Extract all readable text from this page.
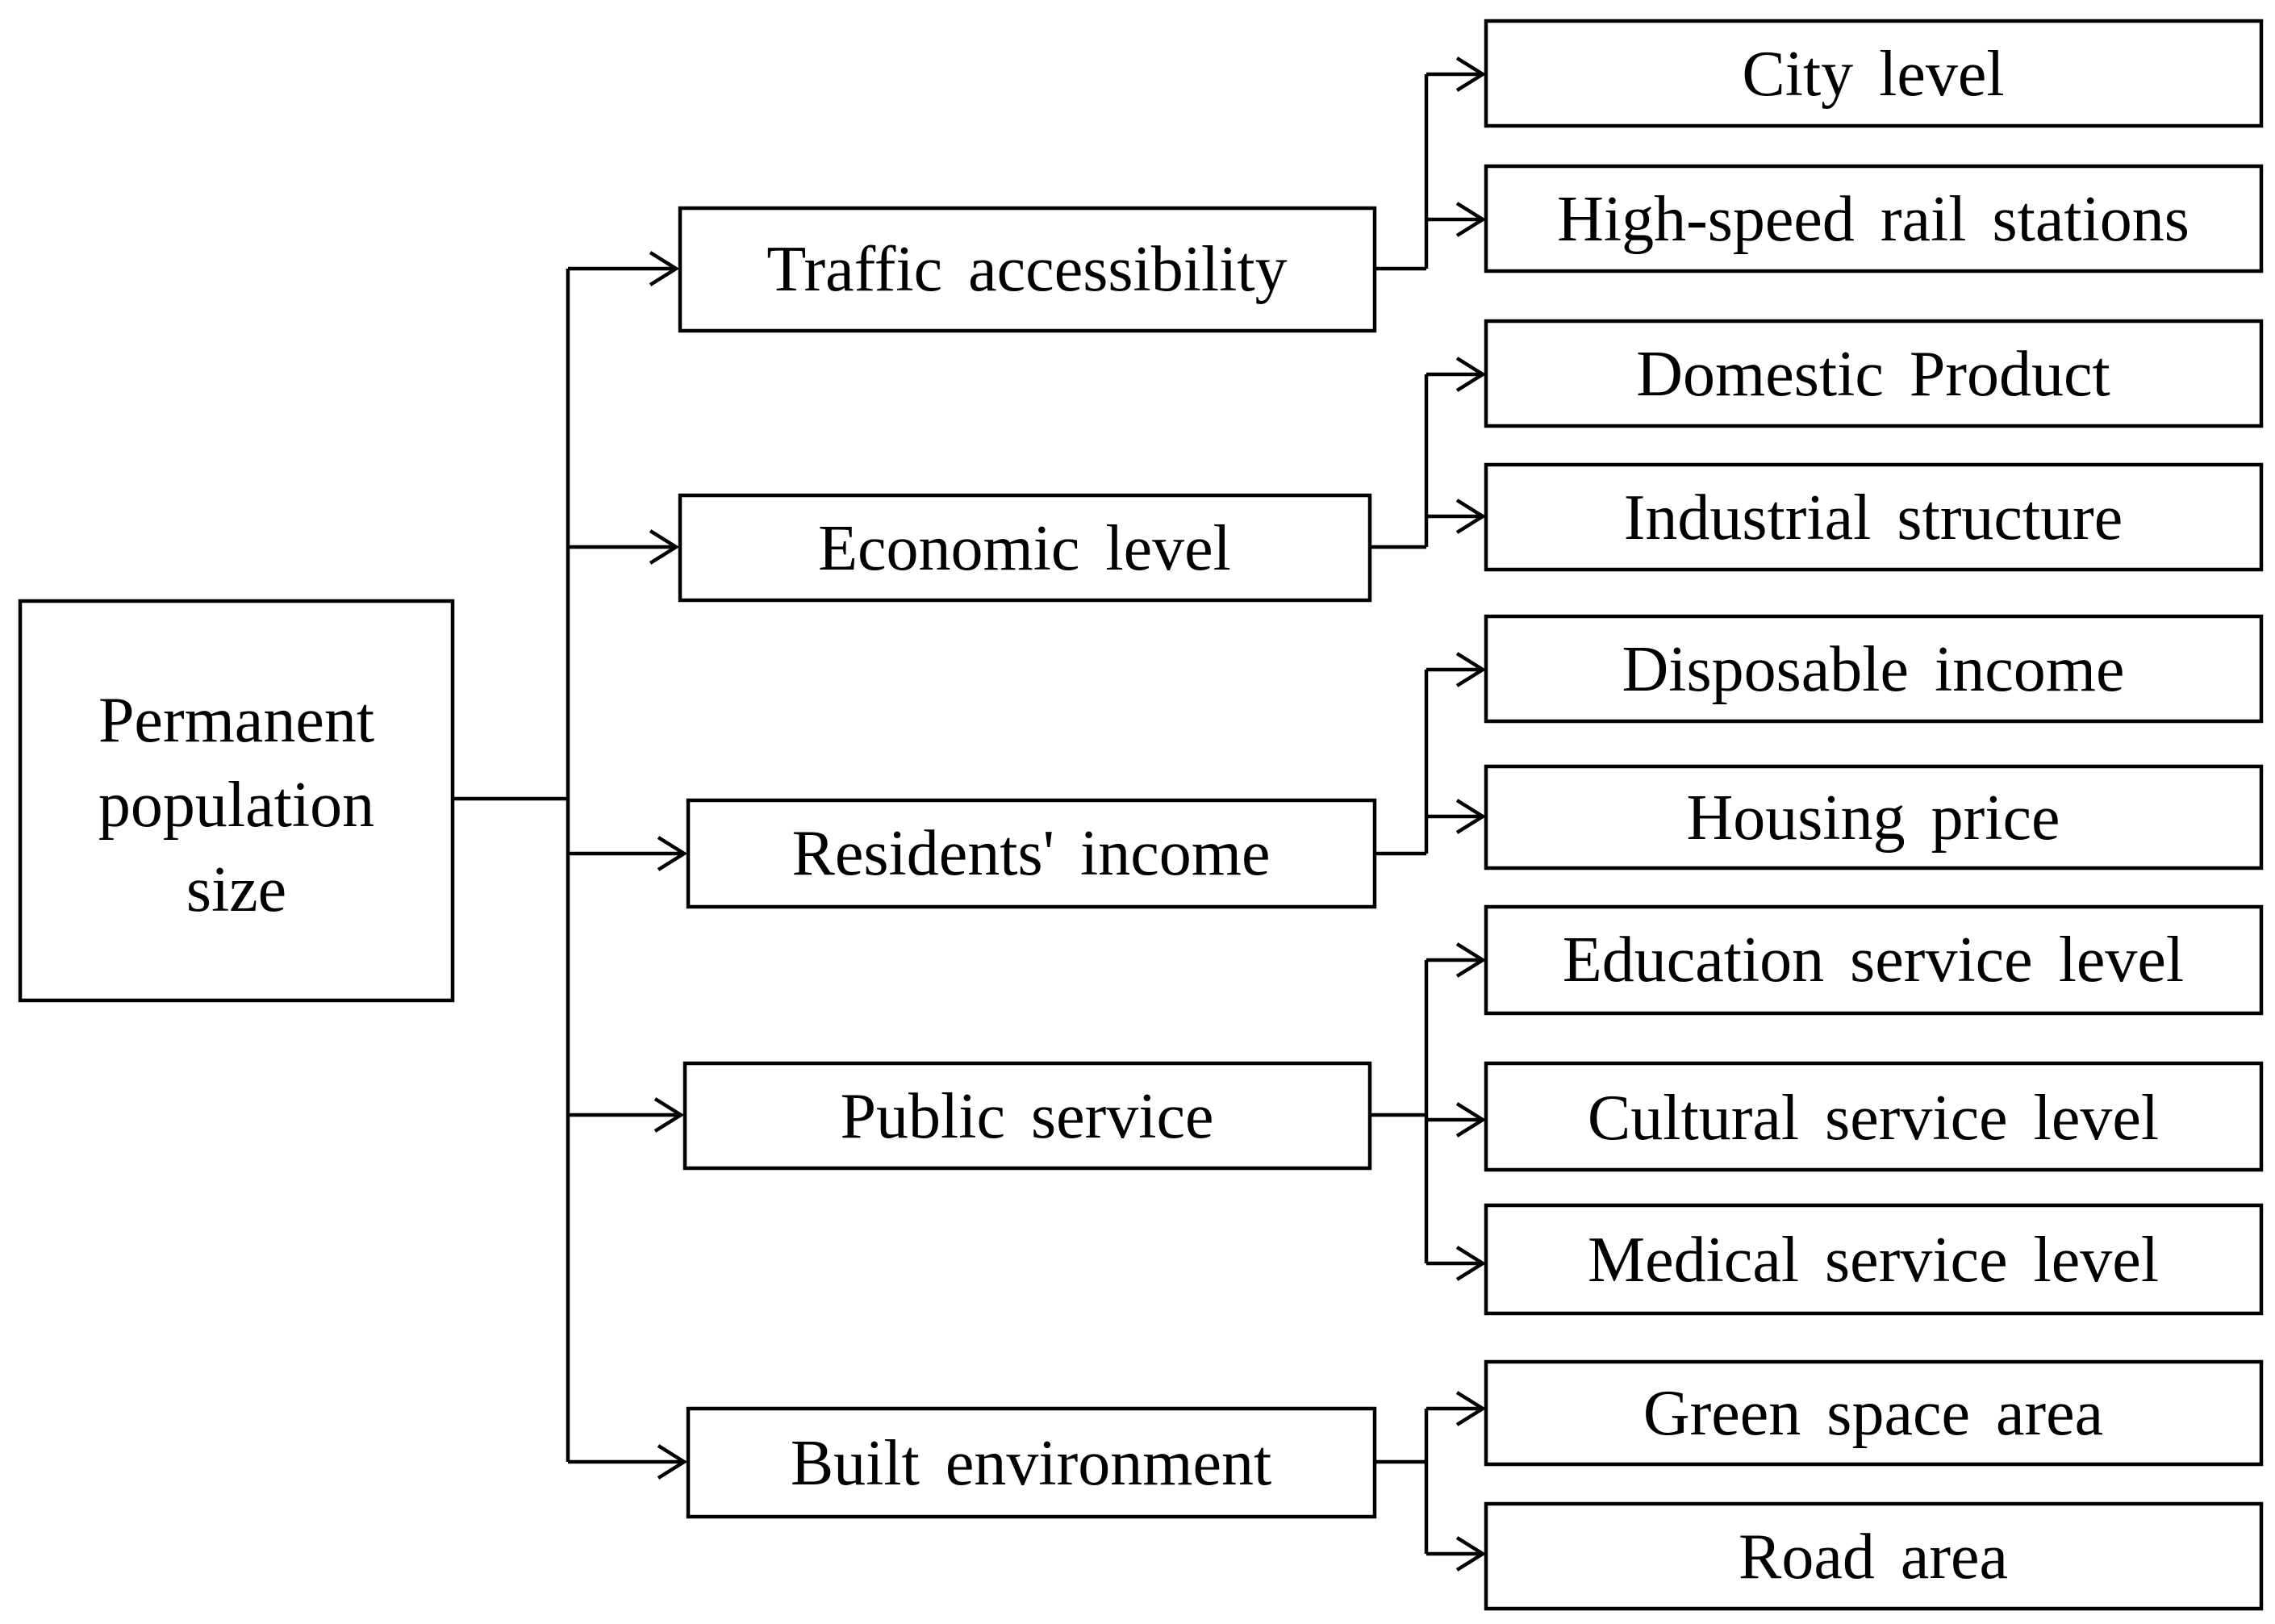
Permanent
population
size
Traffic accessibility
Economic level
Residents' income
Public service
Built environment
City level
High-speed rail stations
Domestic Product
Industrial structure
Disposable income
Housing price
Education service level
Cultural service level
Medical service level
Green space area
Road area
